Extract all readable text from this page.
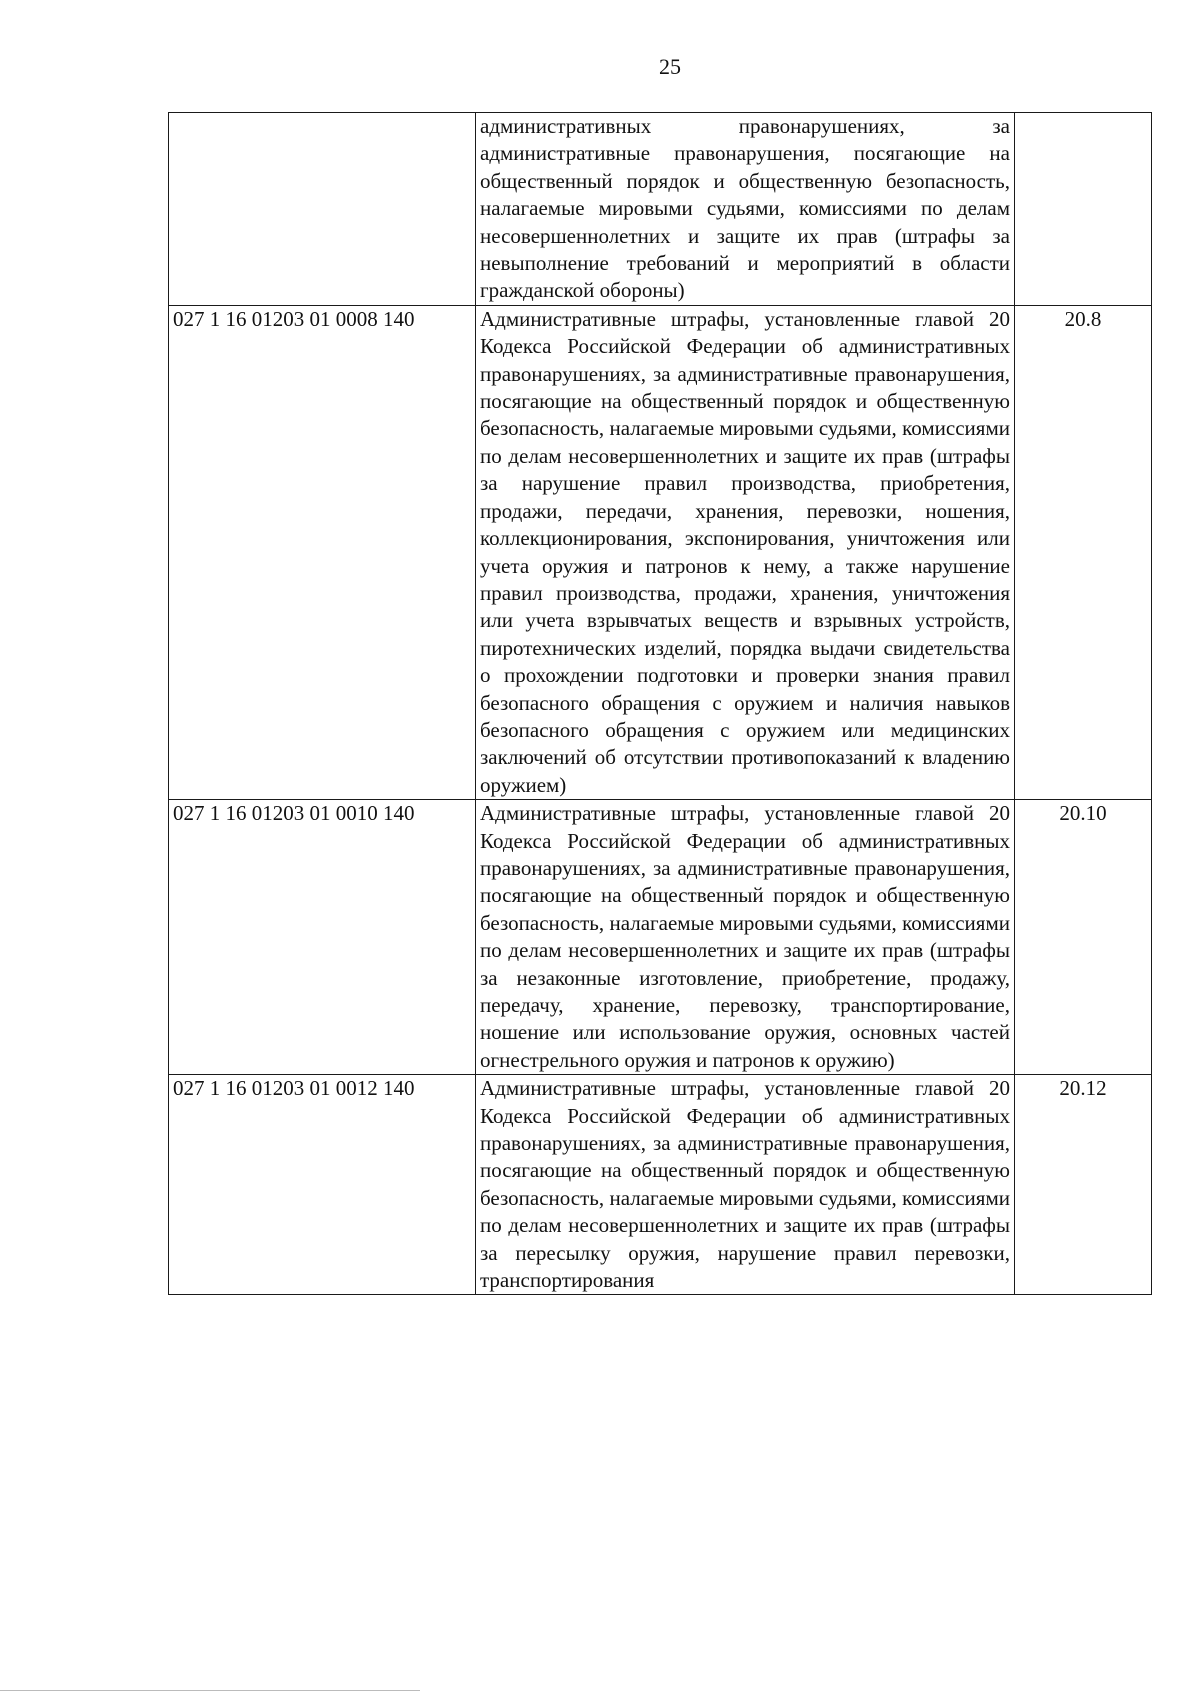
25
	административных правонарушениях, за административные правонарушения, посягающие на общественный порядок и общественную безопасность, налагаемые мировыми судьями, комиссиями по делам несовершеннолетних и защите их прав (штрафы за невыполнение требований и мероприятий в области гражданской обороны)	
027 1 16 01203 01 0008 140	Административные штрафы, установленные главой 20 Кодекса Российской Федерации об административных правонарушениях, за административные правонарушения, посягающие на общественный порядок и общественную безопасность, налагаемые мировыми судьями, комиссиями по делам несовершеннолетних и защите их прав (штрафы за нарушение правил производства, приобретения, продажи, передачи, хранения, перевозки, ношения, коллекционирования, экспонирования, уничтожения или учета оружия и патронов к нему, а также нарушение правил производства, продажи, хранения, уничтожения или учета взрывчатых веществ и взрывных устройств, пиротехнических изделий, порядка выдачи свидетельства о прохождении подготовки и проверки знания правил безопасного обращения с оружием и наличия навыков безопасного обращения с оружием или медицинских заключений об отсутствии противопоказаний к владению оружием)	20.8
027 1 16 01203 01 0010 140	Административные штрафы, установленные главой 20 Кодекса Российской Федерации об административных правонарушениях, за административные правонарушения, посягающие на общественный порядок и общественную безопасность, налагаемые мировыми судьями, комиссиями по делам несовершеннолетних и защите их прав (штрафы за незаконные изготовление, приобретение, продажу, передачу, хранение, перевозку, транспортирование, ношение или использование оружия, основных частей огнестрельного оружия и патронов к оружию)	20.10
027 1 16 01203 01 0012 140	Административные штрафы, установленные главой 20 Кодекса Российской Федерации об административных правонарушениях, за административные правонарушения, посягающие на общественный порядок и общественную безопасность, налагаемые мировыми судьями, комиссиями по делам несовершеннолетних и защите их прав (штрафы за пересылку оружия, нарушение правил перевозки, транспортирования	20.12
